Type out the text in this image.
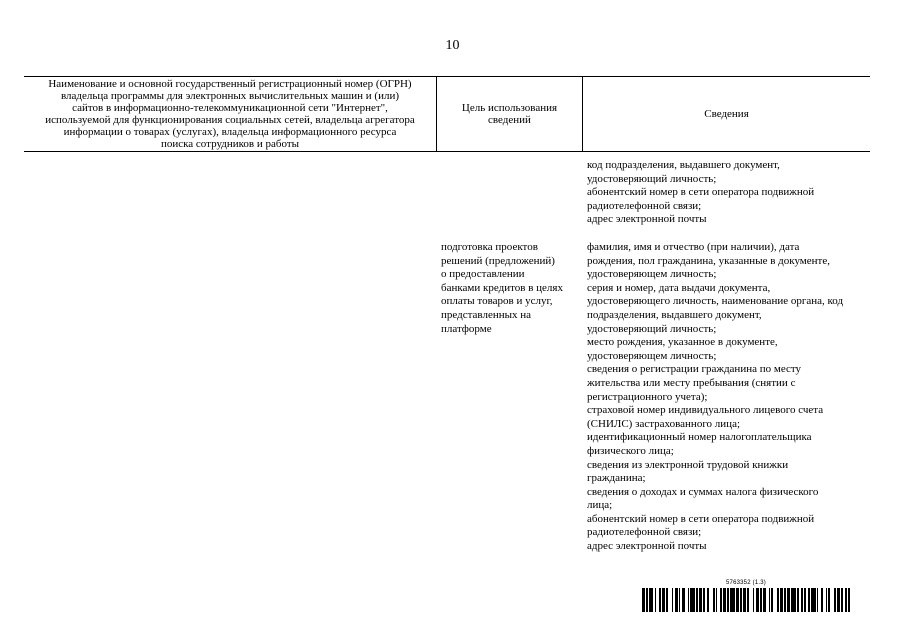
10
Наименование и основной государственный регистрационный номер (ОГРН)
владельца программы для электронных вычислительных машин и (или)
сайтов в информационно-телекоммуникационной сети "Интернет",
используемой для функционирования социальных сетей, владельца агрегатора
информации о товарах (услугах), владельца информационного ресурса
поиска сотрудников и работы
Цель использования
сведений	Сведения
код подразделения, выдавшего документ,
удостоверяющий личность;
абонентский номер в сети оператора подвижной
радиотелефонной связи;
адрес электронной почты
подготовка проектов
решений (предложений)
о предоставлении
банками кредитов в целях
оплаты товаров и услуг,
представленных на
платформе
фамилия, имя и отчество (при наличии), дата
рождения, пол гражданина, указанные в документе,
удостоверяющем личность;
серия и номер, дата выдачи документа,
удостоверяющего личность, наименование органа, код
подразделения, выдавшего документ,
удостоверяющий личность;
место рождения, указанное в документе,
удостоверяющем личность;
сведения о регистрации гражданина по месту
жительства или месту пребывания (снятии с
регистрационного учета);
страховой номер индивидуального лицевого счета
(СНИЛС) застрахованного лица;
идентификационный номер налогоплательщика
физического лица;
сведения из электронной трудовой книжки
гражданина;
сведения о доходах и суммах налога физического
лица;
абонентский номер в сети оператора подвижной
радиотелефонной связи;
адрес электронной почты
5763352 (1.3)
